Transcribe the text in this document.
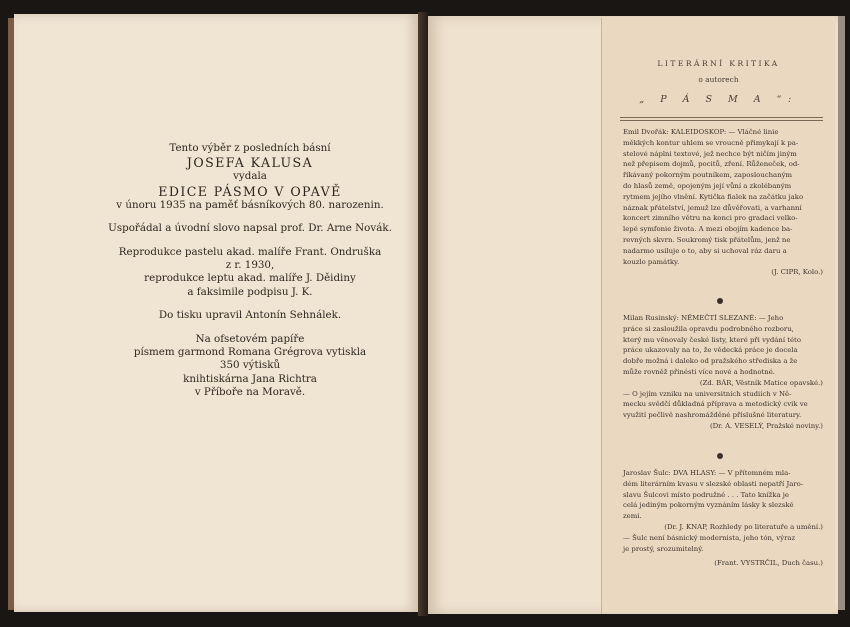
Tento výběr z posledních básní
JOSEFA KALUSA
vydala
EDICE PÁSMO V OPAVĚ
v únoru 1935 na paměť básníkových 80. narozenin.
Uspořádal a úvodní slovo napsal prof. Dr. Arne Novák.
Reprodukce pastelu akad. malíře Frant. Ondruška
z r. 1930,
reprodukce leptu akad. malíře J. Děidiny
a faksimile podpisu J. K.
Do tisku upravil Antonín Sehnálek.
Na ofsetovém papíře
písmem garmond Romana Grégrova vytiskla
350 výtisků
knihtiskárna Jana Richtra
v Příboře na Moravě.
LITERÁRNÍ KRITIKA
o autorech
„ P Á S M A “:
Emil Dvořák: KALEIDOSKOP: — Vláčné linie
měkkých kontur uhlem se vroucně přimykají k pa-
stelové náplni textové, jež nechce být ničím jiným
než přepisem dojmů, pocitů, zření. Růženeček, od-
říkávaný pokorným poutníkem, zaposlouchaným
do hlasů země, opojeným její vůní a zkolébaným
rytmem jejího vlnění. Kytička fialek na začátku jako
náznak přátelství, jemuž lze důvěřovati, a varhanní
koncert zimního větru na konci pro gradaci velko-
lepé symfonie života. A mezi obojím kadence ba-
revných skvrn. Soukromý tisk přátelům, jenž ne
nadarmo usiluje o to, aby si uchoval ráz daru a
kouzlo památky.
(J. CIPR, Kolo.)
Milan Rusinský: NĚMEČTÍ SLEZANÉ: — Jeho
práce si zasloužila opravdu podrobného rozboru,
který mu věnovaly české listy, které při vydání této
práce ukazovaly na to, že vědecká práce je docela
dobře možná i daleko od pražského střediska a že
může rovněž přinésti více nové a hodnotné.
(Zd. BÁR, Věstník Matice opavské.)
— O jejím vzniku na universitních studiích v Ně-
mecku svědčí důkladná příprava a metodický cvik ve
využití pečlivě nashromážděné příslušné literatury.
(Dr. A. VESELÝ, Pražské noviny.)
Jaroslav Šulc: DVA HLASY: — V přítomném mla-
dém literárním kvasu v slezské oblasti nepatří Jaro-
slavu Šulcovi místo podružné . . . Tato knížka je
celá jediným pokorným vyznáním lásky k slezské
zemi.
(Dr. J. KNAP, Rozhledy po literatuře a umění.)
— Šulc není básnický modernista, jeho tón, výraz
je prostý, srozumitelný.
(Frant. VYSTRČIL, Duch času.)
